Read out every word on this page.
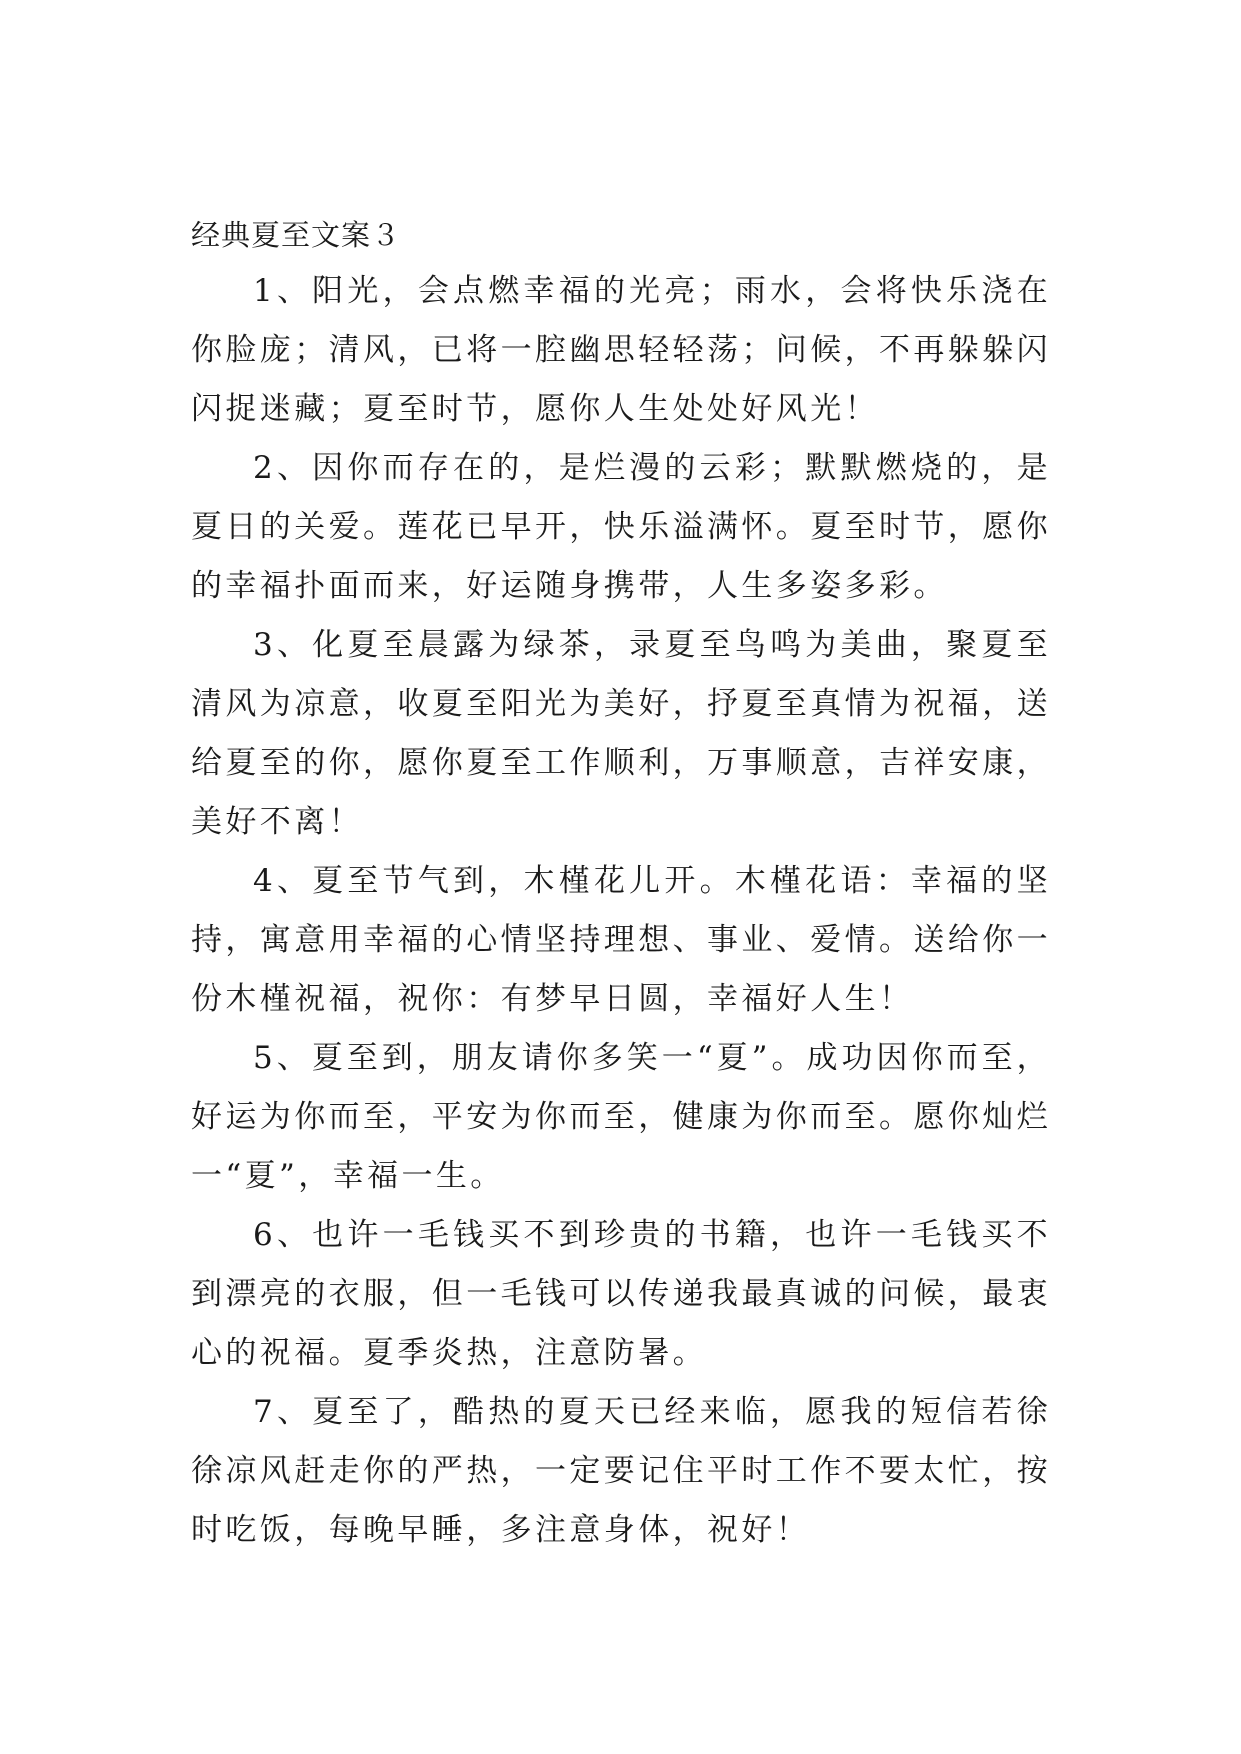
经典夏至文案３

1、阳光，会点燃幸福的光亮；雨水，会将快乐浇在你脸庞；清风，已将一腔幽思轻轻荡；问候，不再躲躲闪闪捉迷藏；夏至时节，愿你人生处处好风光！

2、因你而存在的，是烂漫的云彩；默默燃烧的，是夏日的关爱。莲花已早开，快乐溢满怀。夏至时节，愿你的幸福扑面而来，好运随身携带，人生多姿多彩。

3、化夏至晨露为绿茶，录夏至鸟鸣为美曲，聚夏至清风为凉意，收夏至阳光为美好，抒夏至真情为祝福，送给夏至的你，愿你夏至工作顺利，万事顺意，吉祥安康，美好不离！

4、夏至节气到，木槿花儿开。木槿花语：幸福的坚持，寓意用幸福的心情坚持理想、事业、爱情。送给你一份木槿祝福，祝你：有梦早日圆，幸福好人生！

5、夏至到，朋友请你多笑一“夏”。成功因你而至，好运为你而至，平安为你而至，健康为你而至。愿你灿烂一“夏”，幸福一生。

6、也许一毛钱买不到珍贵的书籍，也许一毛钱买不到漂亮的衣服，但一毛钱可以传递我最真诚的问候，最衷心的祝福。夏季炎热，注意防暑。

7、夏至了，酷热的夏天已经来临，愿我的短信若徐徐凉风赶走你的严热，一定要记住平时工作不要太忙，按时吃饭，每晚早睡，多注意身体，祝好！
